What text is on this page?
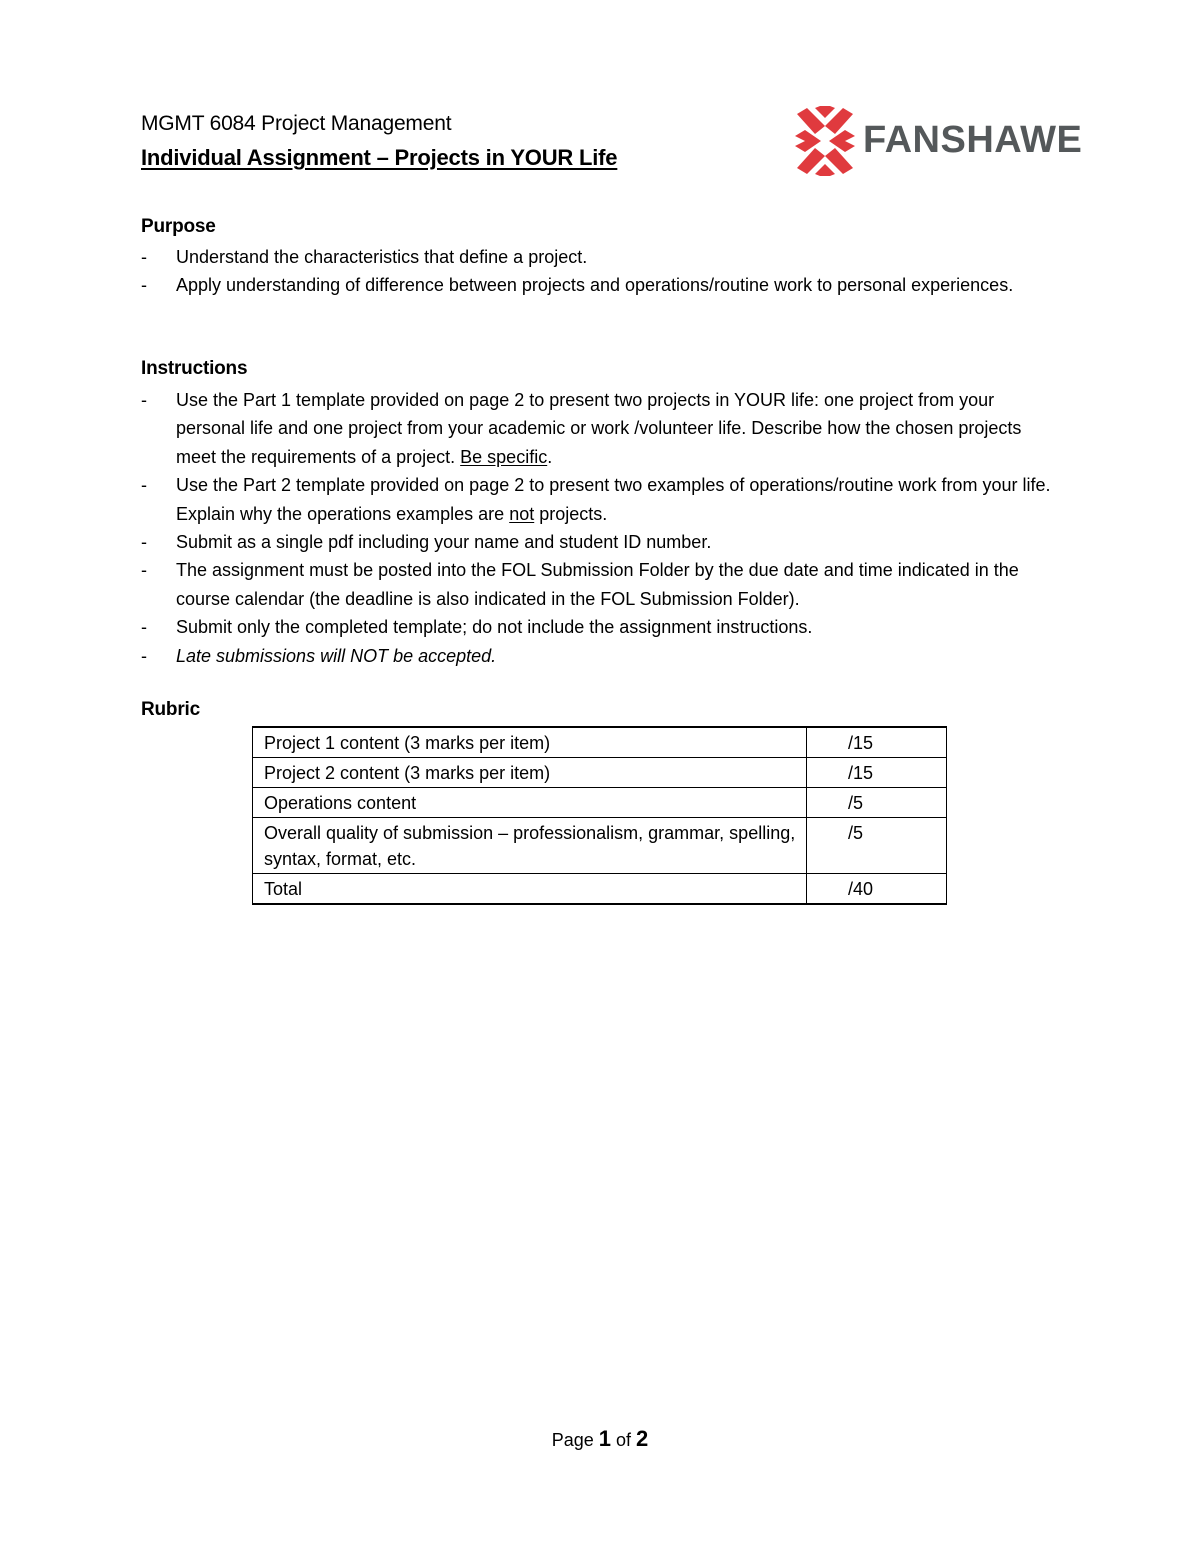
MGMT 6084 Project Management
Individual Assignment – Projects in YOUR Life	FANSHAWE
Purpose
- Understand the characteristics that define a project.
- Apply understanding of difference between projects and operations/routine work to personal experiences.
Instructions
- Use the Part 1 template provided on page 2 to present two projects in YOUR life: one project from your personal life and one project from your academic or work /volunteer life. Describe how the chosen projects meet the requirements of a project. Be specific.
- Use the Part 2 template provided on page 2 to present two examples of operations/routine work from your life. Explain why the operations examples are not projects.
- Submit as a single pdf including your name and student ID number.
- The assignment must be posted into the FOL Submission Folder by the due date and time indicated in the course calendar (the deadline is also indicated in the FOL Submission Folder).
- Submit only the completed template; do not include the assignment instructions.
- Late submissions will NOT be accepted.
Rubric
Project 1 content (3 marks per item)	/15
Project 2 content (3 marks per item)	/15
Operations content	/5
Overall quality of submission – professionalism, grammar, spelling, syntax, format, etc.	/5
Total	/40
Page 1 of 2
